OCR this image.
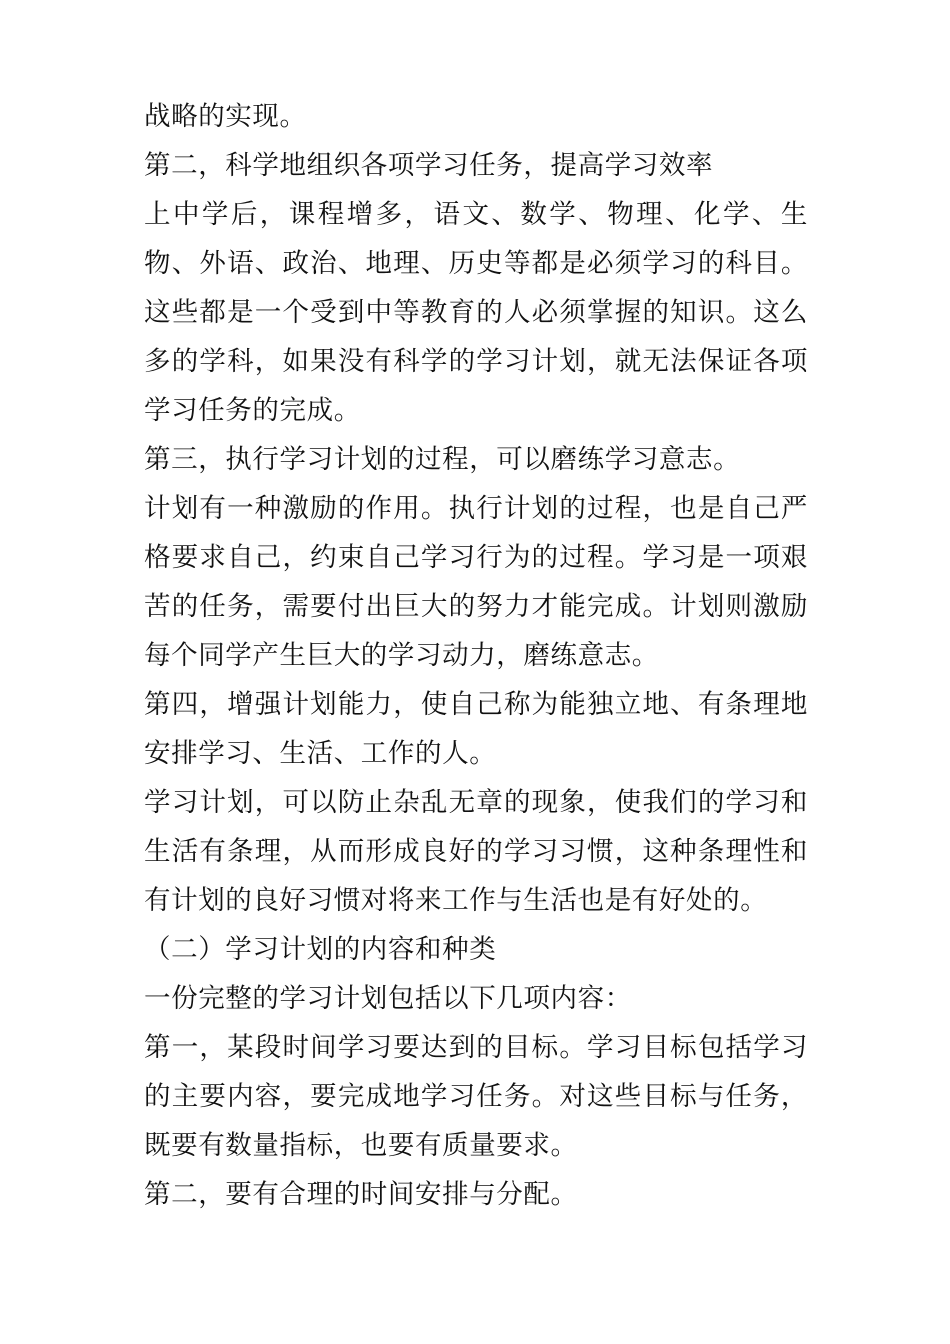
战略的实现。

第二，科学地组织各项学习任务，提高学习效率

上中学后，课程增多，语文、数学、物理、化学、生物、外语、政治、地理、历史等都是必须学习的科目。这些都是一个受到中等教育的人必须掌握的知识。这么多的学科，如果没有科学的学习计划，就无法保证各项学习任务的完成。

第三，执行学习计划的过程，可以磨练学习意志。

计划有一种激励的作用。执行计划的过程，也是自己严格要求自己，约束自己学习行为的过程。学习是一项艰苦的任务，需要付出巨大的努力才能完成。计划则激励每个同学产生巨大的学习动力，磨练意志。

第四，增强计划能力，使自己称为能独立地、有条理地安排学习、生活、工作的人。

学习计划，可以防止杂乱无章的现象，使我们的学习和生活有条理，从而形成良好的学习习惯，这种条理性和有计划的良好习惯对将来工作与生活也是有好处的。

（二）学习计划的内容和种类

一份完整的学习计划包括以下几项内容：

第一，某段时间学习要达到的目标。学习目标包括学习的主要内容，要完成地学习任务。对这些目标与任务，既要有数量指标，也要有质量要求。

第二，要有合理的时间安排与分配。
